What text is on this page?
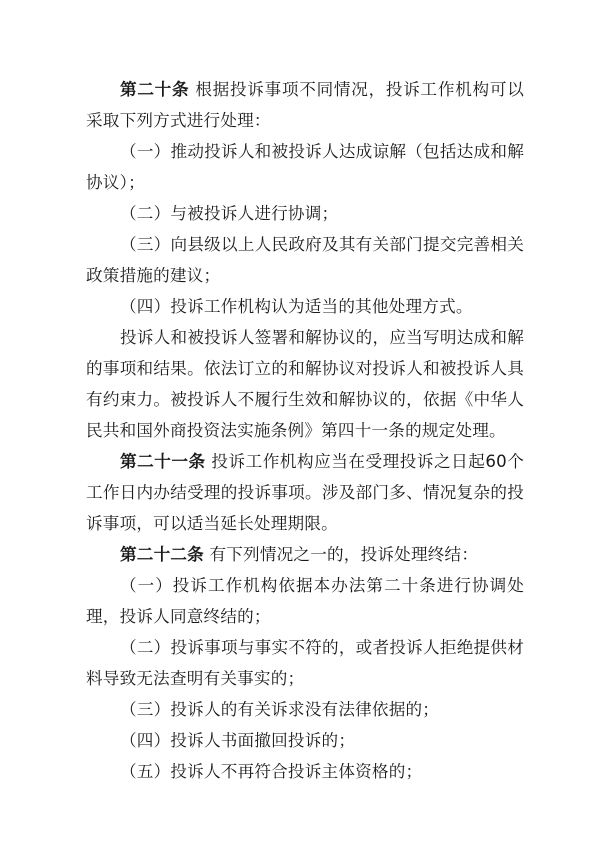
第二十条 根据投诉事项不同情况，投诉工作机构可以采取下列方式进行处理：

（一）推动投诉人和被投诉人达成谅解（包括达成和解协议）；

（二）与被投诉人进行协调；

（三）向县级以上人民政府及其有关部门提交完善相关政策措施的建议；

（四）投诉工作机构认为适当的其他处理方式。

投诉人和被投诉人签署和解协议的，应当写明达成和解的事项和结果。依法订立的和解协议对投诉人和被投诉人具有约束力。被投诉人不履行生效和解协议的，依据《中华人民共和国外商投资法实施条例》第四十一条的规定处理。

第二十一条 投诉工作机构应当在受理投诉之日起60个工作日内办结受理的投诉事项。涉及部门多、情况复杂的投诉事项，可以适当延长处理期限。

第二十二条 有下列情况之一的，投诉处理终结：

（一）投诉工作机构依据本办法第二十条进行协调处理，投诉人同意终结的；

（二）投诉事项与事实不符的，或者投诉人拒绝提供材料导致无法查明有关事实的；

（三）投诉人的有关诉求没有法律依据的；

（四）投诉人书面撤回投诉的；

（五）投诉人不再符合投诉主体资格的；
